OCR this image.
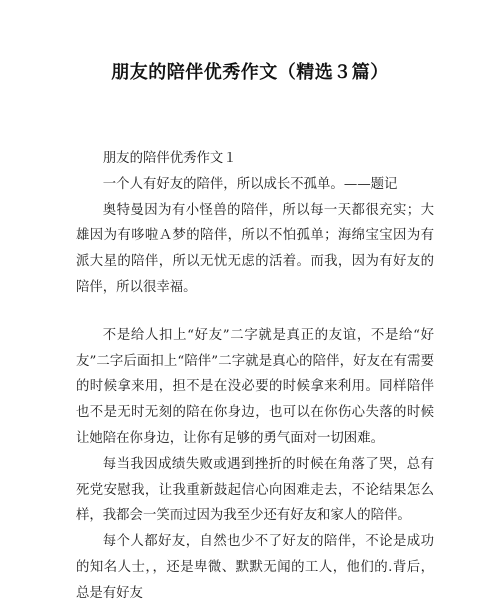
朋友的陪伴优秀作文（精选３篇）

朋友的陪伴优秀作文１

一个人有好友的陪伴，所以成长不孤单。——题记

奥特曼因为有小怪兽的陪伴，所以每一天都很充实；大雄因为有哆啦Ａ梦的陪伴，所以不怕孤单；海绵宝宝因为有派大星的陪伴，所以无忧无虑的活着。而我，因为有好友的陪伴，所以很幸福。

不是给人扣上“好友”二字就是真正的友谊，不是给“好友”二字后面扣上“陪伴”二字就是真心的陪伴，好友在有需要的时候拿来用，担不是在没必要的时候拿来利用。同样陪伴也不是无时无刻的陪在你身边，也可以在你伤心失落的时候让她陪在你身边，让你有足够的勇气面对一切困难。

每当我因成绩失败或遇到挫折的时候在角落了哭，总有死党安慰我，让我重新鼓起信心向困难走去，不论结果怎么样，我都会一笑而过因为我至少还有好友和家人的陪伴。

每个人都好友，自然也少不了好友的陪伴，不论是成功的知名人士，，还是卑微、默默无闻的工人，他们的.背后，总是有好友
